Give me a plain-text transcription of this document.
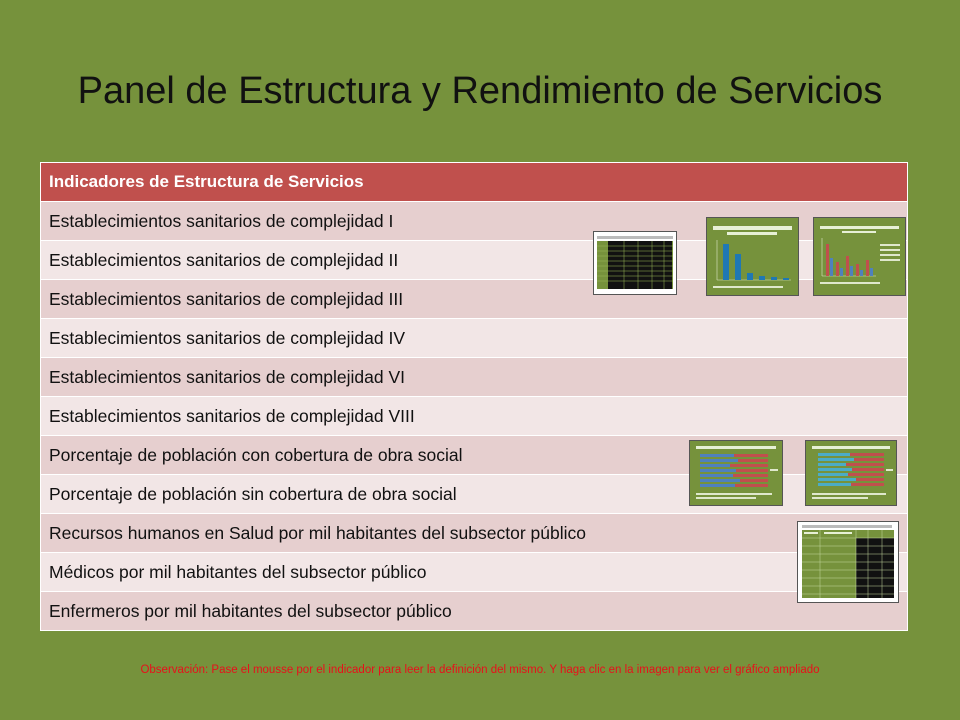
Panel de Estructura y Rendimiento de Servicios
Indicadores de Estructura de Servicios
Establecimientos sanitarios de complejidad I
Establecimientos sanitarios de complejidad II
Establecimientos sanitarios de complejidad III
Establecimientos sanitarios de complejidad IV
Establecimientos sanitarios de complejidad VI
Establecimientos sanitarios de complejidad VIII
Porcentaje de población con cobertura de obra social
Porcentaje de población sin cobertura de obra social
Recursos humanos en Salud por mil habitantes del subsector público
Médicos por mil habitantes del subsector público
Enfermeros por mil habitantes del subsector público
Observación: Pase el mousse por el indicador para leer la definición del mismo. Y haga clic en la imagen para ver el gráfico ampliado
